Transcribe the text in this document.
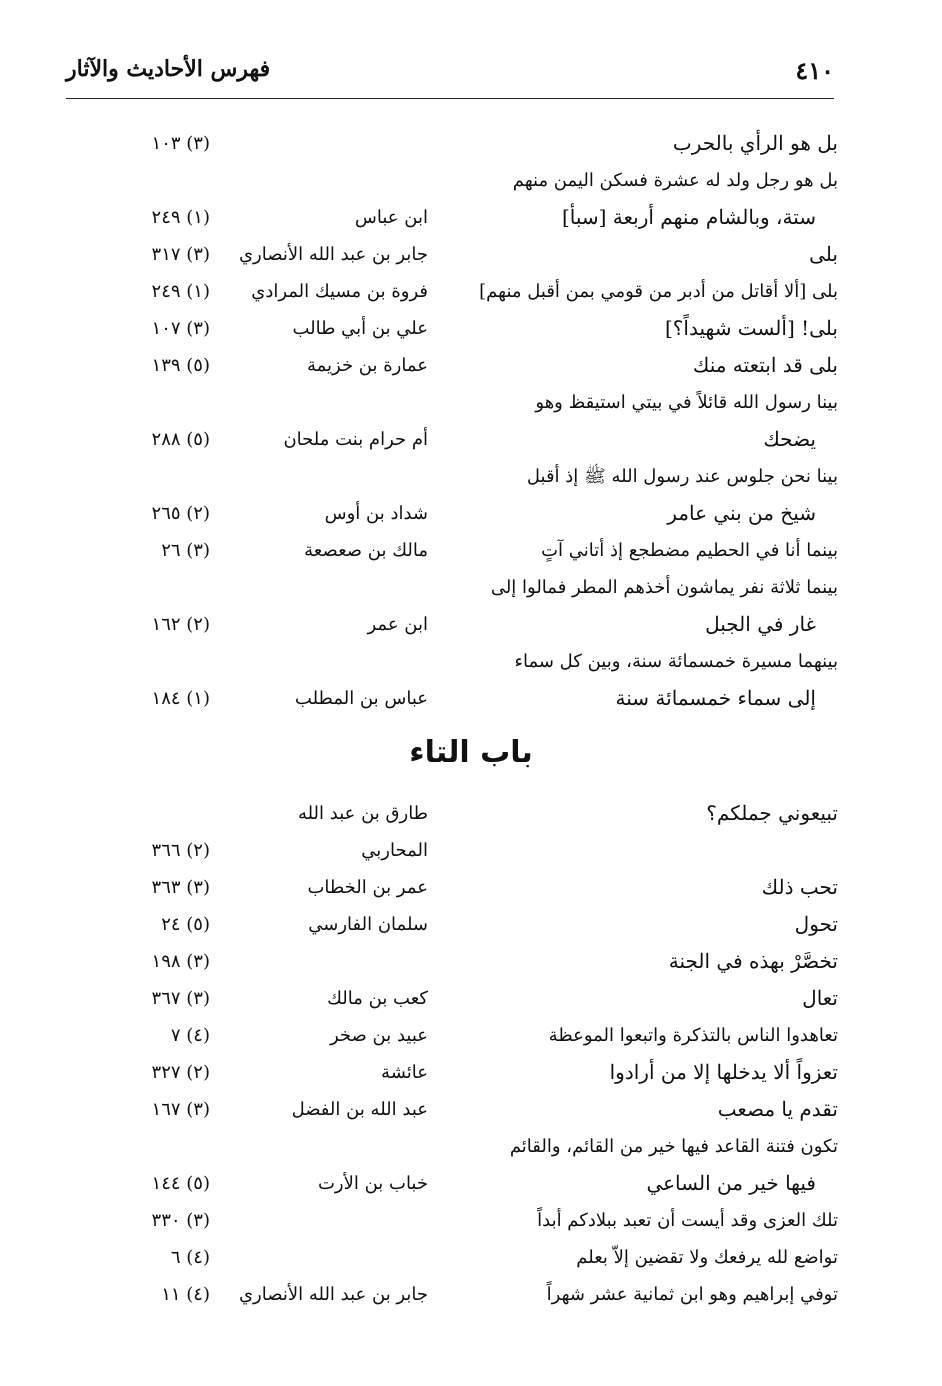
٤١٠
فهرس الأحاديث والآثار
بل هو الرأي بالحرب
(٣) ١٠٣
بل هو رجل ولد له عشرة فسكن اليمن منهم
ستة، وبالشام منهم أربعة [سبأ]
ابن عباس
(١) ٢٤٩
بلى
جابر بن عبد الله الأنصاري
(٣) ٣١٧
بلى [ألا أقاتل من أدبر من قومي بمن أقبل منهم]
فروة بن مسيك المرادي
(١) ٢٤٩
بلى! [ألست شهيداً؟]
علي بن أبي طالب
(٣) ١٠٧
بلى قد ابتعته منك
عمارة بن خزيمة
(٥) ١٣٩
بينا رسول الله قائلاً في بيتي استيقظ وهو
يضحك
أم حرام بنت ملحان
(٥) ٢٨٨
بينا نحن جلوس عند رسول الله ﷺ إذ أقبل
شيخ من بني عامر
شداد بن أوس
(٢) ٢٦٥
بينما أنا في الحطيم مضطجع إذ أتاني آتٍ
مالك بن صعصعة
(٣) ٢٦
بينما ثلاثة نفر يماشون أخذهم المطر فمالوا إلى
غار في الجبل
ابن عمر
(٢) ١٦٢
بينهما مسيرة خمسمائة سنة، وبين كل سماء
إلى سماء خمسمائة سنة
عباس بن المطلب
(١) ١٨٤
باب التاء
تبيعوني جملكم؟
طارق بن عبد الله
المحاربي
(٢) ٣٦٦
تحب ذلك
عمر بن الخطاب
(٣) ٣٦٣
تحول
سلمان الفارسي
(٥) ٢٤
تخصَّرْ بهذه في الجنة
(٣) ١٩٨
تعال
كعب بن مالك
(٣) ٣٦٧
تعاهدوا الناس بالتذكرة واتبعوا الموعظة
عبيد بن صخر
(٤) ٧
تعزواً ألا يدخلها إلا من أرادوا
عائشة
(٢) ٣٢٧
تقدم يا مصعب
عبد الله بن الفضل
(٣) ١٦٧
تكون فتنة القاعد فيها خير من القائم، والقائم
فيها خير من الساعي
خباب بن الأرت
(٥) ١٤٤
تلك العزى وقد أيست أن تعبد ببلادكم أبداً
(٣) ٣٣٠
تواضع لله يرفعك ولا تقضين إلاّ بعلم
(٤) ٦
توفي إبراهيم وهو ابن ثمانية عشر شهراً
جابر بن عبد الله الأنصاري
(٤) ١١
